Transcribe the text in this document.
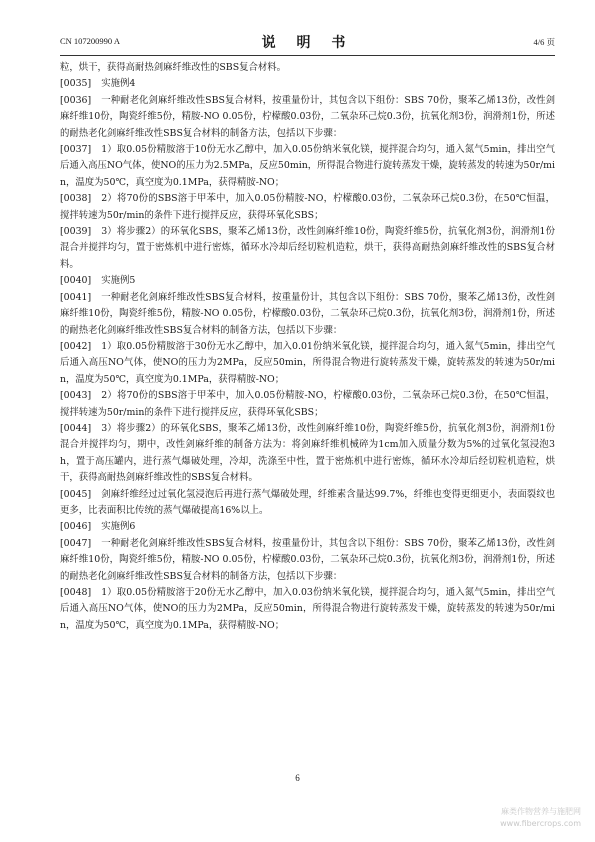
CN 107200990 A	说 明 书	4/6 页

粒，烘干，获得高耐热剑麻纤维改性的SBS复合材料。

[0035] 实施例4

[0036] 一种耐老化剑麻纤维改性SBS复合材料，按重量份计，其包含以下组份：SBS 70份，聚苯乙烯13份，改性剑麻纤维10份，陶瓷纤维5份，精胺-NO 0.05份，柠檬酸0.03份，二氧杂环己烷0.3份，抗氧化剂3份，润滑剂1份，所述的耐热老化剑麻纤维改性SBS复合材料的制备方法，包括以下步骤：

[0037] 1）取0.05份精胺溶于10份无水乙醇中，加入0.05份纳米氧化镁，搅拌混合均匀，通入氮气5min，排出空气后通入高压NO气体，使NO的压力为2.5MPa，反应50min，所得混合物进行旋转蒸发干燥，旋转蒸发的转速为50r/min，温度为50℃，真空度为0.1MPa，获得精胺-NO；

[0038] 2）将70份的SBS溶于甲苯中，加入0.05份精胺-NO，柠檬酸0.03份，二氧杂环己烷0.3份，在50℃恒温，搅拌转速为50r/min的条件下进行搅拌反应，获得环氧化SBS；

[0039] 3）将步骤2）的环氧化SBS，聚苯乙烯13份，改性剑麻纤维10份，陶瓷纤维5份，抗氧化剂3份，润滑剂1份混合并搅拌均匀，置于密炼机中进行密炼，循环水冷却后经切粒机造粒，烘干，获得高耐热剑麻纤维改性的SBS复合材料。

[0040] 实施例5

[0041] 一种耐老化剑麻纤维改性SBS复合材料，按重量份计，其包含以下组份：SBS 70份，聚苯乙烯13份，改性剑麻纤维10份，陶瓷纤维5份，精胺-NO 0.05份，柠檬酸0.03份，二氧杂环己烷0.3份，抗氧化剂3份，润滑剂1份，所述的耐热老化剑麻纤维改性SBS复合材料的制备方法，包括以下步骤：

[0042] 1）取0.05份精胺溶于30份无水乙醇中，加入0.01份纳米氧化镁，搅拌混合均匀，通入氮气5min，排出空气后通入高压NO气体，使NO的压力为2MPa，反应50min，所得混合物进行旋转蒸发干燥，旋转蒸发的转速为50r/min，温度为50℃，真空度为0.1MPa，获得精胺-NO；

[0043] 2）将70份的SBS溶于甲苯中，加入0.05份精胺-NO，柠檬酸0.03份，二氧杂环己烷0.3份，在50℃恒温，搅拌转速为50r/min的条件下进行搅拌反应，获得环氧化SBS；

[0044] 3）将步骤2）的环氧化SBS，聚苯乙烯13份，改性剑麻纤维10份，陶瓷纤维5份，抗氧化剂3份，润滑剂1份混合并搅拌均匀，期中，改性剑麻纤维的制备方法为：将剑麻纤维机械碎为1cm加入质量分数为5%的过氧化氢浸泡3h，置于高压罐内，进行蒸气爆破处理，冷却，洗涤至中性，置于密炼机中进行密炼，循环水冷却后经切粒机造粒，烘干，获得高耐热剑麻纤维改性的SBS复合材料。

[0045] 剑麻纤维经过过氧化氢浸泡后再进行蒸气爆破处理，纤维素含量达99.7%，纤维也变得更细更小，表面裂纹也更多，比表面积比传统的蒸气爆破提高16%以上。

[0046] 实施例6

[0047] 一种耐老化剑麻纤维改性SBS复合材料，按重量份计，其包含以下组份：SBS 70份，聚苯乙烯13份，改性剑麻纤维10份，陶瓷纤维5份，精胺-NO 0.05份，柠檬酸0.03份，二氧杂环己烷0.3份，抗氧化剂3份，润滑剂1份，所述的耐热老化剑麻纤维改性SBS复合材料的制备方法，包括以下步骤：

[0048] 1）取0.05份精胺溶于20份无水乙醇中，加入0.03份纳米氧化镁，搅拌混合均匀，通入氮气5min，排出空气后通入高压NO气体，使NO的压力为2MPa，反应50min，所得混合物进行旋转蒸发干燥，旋转蒸发的转速为50r/min，温度为50℃，真空度为0.1MPa，获得精胺-NO；

6
麻类作物营养与施肥网
www.fibercrops.com
